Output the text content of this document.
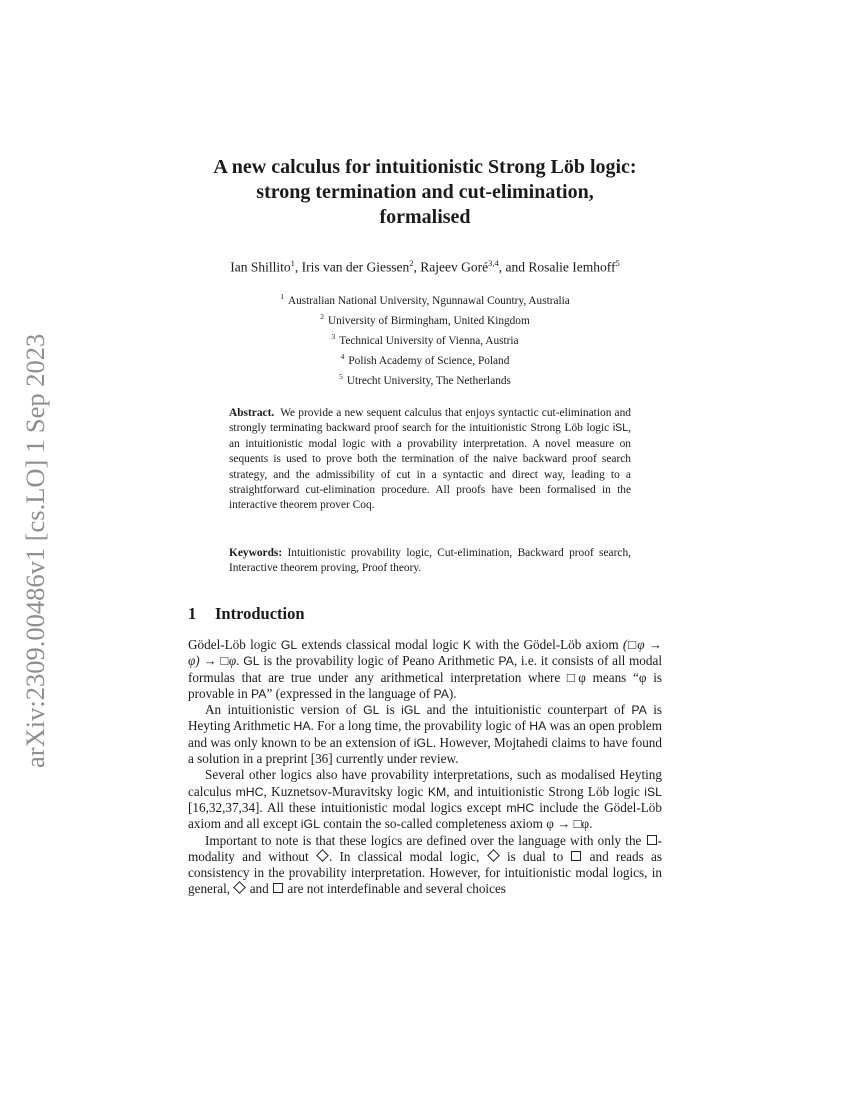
arXiv:2309.00486v1 [cs.LO] 1 Sep 2023
A new calculus for intuitionistic Strong Löb logic:
strong termination and cut-elimination,
formalised
Ian Shillito$^1$, Iris van der Giessen$^2$, Rajeev Goré$^{3,4}$, and Rosalie Iemhoff$^5$
$^1$ Australian National University, Ngunnawal Country, Australia
$^2$ University of Birmingham, United Kingdom
$^3$ Technical University of Vienna, Austria
$^4$ Polish Academy of Science, Poland
$^5$ Utrecht University, The Netherlands
Abstract. We provide a new sequent calculus that enjoys syntactic cut-elimination and strongly terminating backward proof search for the intuitionistic Strong Löb logic iSL, an intuitionistic modal logic with a provability interpretation. A novel measure on sequents is used to prove both the termination of the naive backward proof search strategy, and the admissibility of cut in a syntactic and direct way, leading to a straightforward cut-elimination procedure. All proofs have been formalised in the interactive theorem prover Coq.
Keywords: Intuitionistic provability logic, Cut-elimination, Backward proof search, Interactive theorem proving, Proof theory.
1 Introduction

Gödel-Löb logic GL extends classical modal logic K with the Gödel-Löb axiom (□φ → φ) → □φ. GL is the provability logic of Peano Arithmetic PA, i.e. it consists of all modal formulas that are true under any arithmetical interpretation where □φ means “φ is provable in PA” (expressed in the language of PA).

An intuitionistic version of GL is iGL and the intuitionistic counterpart of PA is Heyting Arithmetic HA. For a long time, the provability logic of HA was an open problem and was only known to be an extension of iGL. However, Mojtahedi claims to have found a solution in a preprint [36] currently under review.

Several other logics also have provability interpretations, such as modalised Heyting calculus mHC, Kuznetsov-Muravitsky logic KM, and intuitionistic Strong Löb logic iSL [16,32,37,34]. All these intuitionistic modal logics except mHC include the Gödel-Löb axiom and all except iGL contain the so-called completeness axiom φ → □φ.

Important to note is that these logics are defined over the language with only the -modality and without . In classical modal logic,  is dual to  and reads as consistency in the provability interpretation. However, for intuitionistic modal logics, in general,  and  are not interdefinable and several choices
